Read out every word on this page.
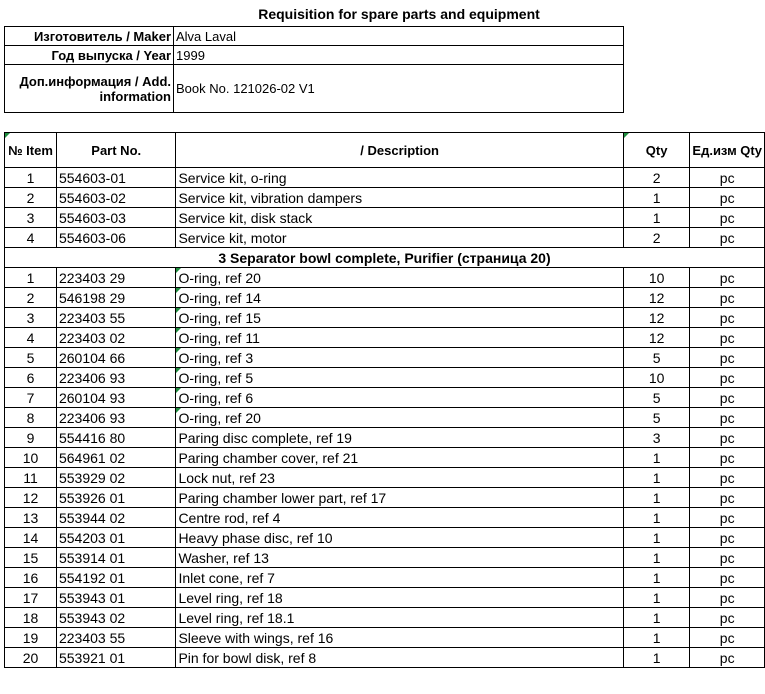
Requisition for spare parts and equipment
Изготовитель / Maker	Alva Laval
Год выпуска / Year	1999
Доп.информация / Add. information	Book No. 121026-02 V1
№ Item	Part No.	/ Description	Qty	Ед.изм Qty
1	554603-01	Service kit, o-ring	2	pc
2	554603-02	Service kit, vibration dampers	1	pc
3	554603-03	Service kit, disk stack	1	pc
4	554603-06	Service kit, motor	2	pc
3 Separator bowl complete, Purifier (страница 20)				
1	223403 29	O-ring, ref 20	10	pc
2	546198 29	O-ring, ref 14	12	pc
3	223403 55	O-ring, ref 15	12	pc
4	223403 02	O-ring, ref 11	12	pc
5	260104 66	O-ring, ref 3	5	pc
6	223406 93	O-ring, ref 5	10	pc
7	260104 93	O-ring, ref 6	5	pc
8	223406 93	O-ring, ref 20	5	pc
9	554416 80	Paring disc complete, ref 19	3	pc
10	564961 02	Paring chamber cover, ref 21	1	pc
11	553929 02	Lock nut, ref 23	1	pc
12	553926 01	Paring chamber lower part, ref 17	1	pc
13	553944 02	Centre rod, ref 4	1	pc
14	554203 01	Heavy phase disc, ref 10	1	pc
15	553914 01	Washer, ref 13	1	pc
16	554192 01	Inlet cone, ref 7	1	pc
17	553943 01	Level ring, ref 18	1	pc
18	553943 02	Level ring, ref 18.1	1	pc
19	223403 55	Sleeve with wings, ref 16	1	pc
20	553921 01	Pin for bowl disk, ref 8	1	pc
